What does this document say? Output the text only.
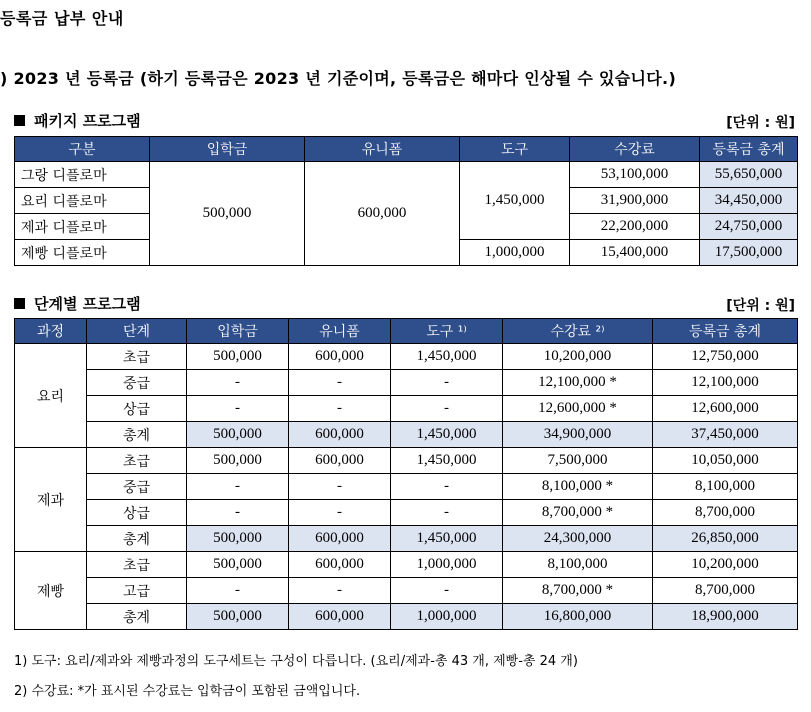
등록금 납부 안내
) 2023 년 등록금 (하기 등록금은 2023 년 기준이며, 등록금은 해마다 인상될 수 있습니다.)
패키지 프로그램	[단위 : 원]
구분	입학금	유니폼	도구	수강료	등록금 총계
그랑 디플로마	500,000	600,000	1,450,000	53,100,000	55,650,000
요리 디플로마				31,900,000	34,450,000
제과 디플로마				22,200,000	24,750,000
제빵 디플로마			1,000,000	15,400,000	17,500,000
단계별 프로그램	[단위 : 원]
과정	단계	입학금	유니폼	도구 ¹⁾	수강료 ²⁾	등록금 총계
요리	초급	500,000	600,000	1,450,000	10,200,000	12,750,000
	중급	-	-	-	12,100,000 *	12,100,000
	상급	-	-	-	12,600,000 *	12,600,000
	총계	500,000	600,000	1,450,000	34,900,000	37,450,000
제과	초급	500,000	600,000	1,450,000	7,500,000	10,050,000
	중급	-	-	-	8,100,000 *	8,100,000
	상급	-	-	-	8,700,000 *	8,700,000
	총계	500,000	600,000	1,450,000	24,300,000	26,850,000
제빵	초급	500,000	600,000	1,000,000	8,100,000	10,200,000
	고급	-	-	-	8,700,000 *	8,700,000
	총계	500,000	600,000	1,000,000	16,800,000	18,900,000
1) 도구: 요리/제과와 제빵과정의 도구세트는 구성이 다릅니다. (요리/제과-총 43 개, 제빵-총 24 개)
2) 수강료: *가 표시된 수강료는 입학금이 포함된 금액입니다.
